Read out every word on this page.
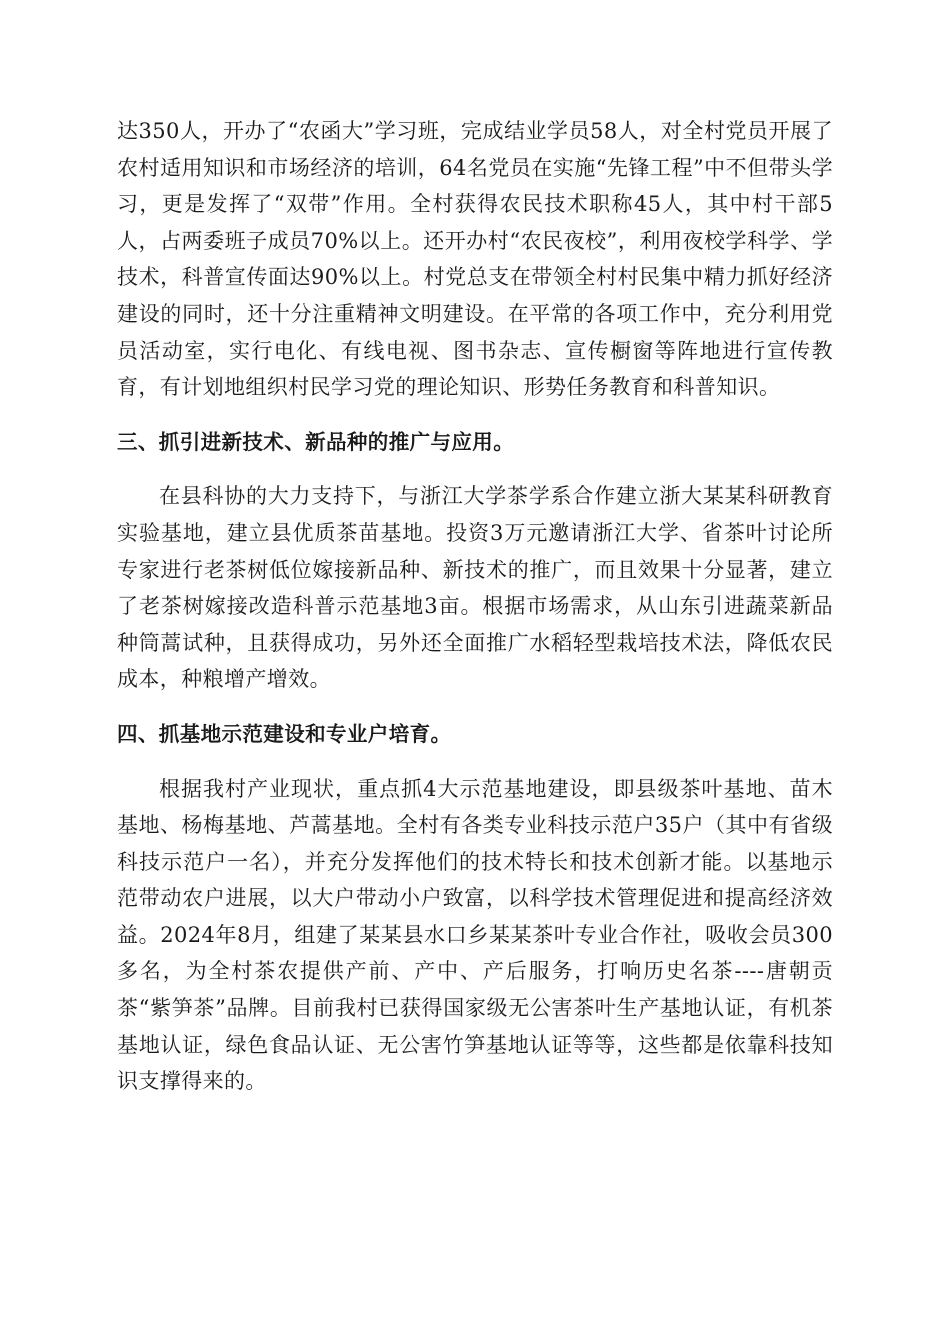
达350人，开办了“农函大”学习班，完成结业学员58人，对全村党员开展了农村适用知识和市场经济的培训，64名党员在实施“先锋工程”中不但带头学习，更是发挥了“双带”作用。全村获得农民技术职称45人，其中村干部5人，占两委班子成员70%以上。还开办村“农民夜校”，利用夜校学科学、学技术，科普宣传面达90%以上。村党总支在带领全村村民集中精力抓好经济建设的同时，还十分注重精神文明建设。在平常的各项工作中，充分利用党员活动室，实行电化、有线电视、图书杂志、宣传橱窗等阵地进行宣传教育，有计划地组织村民学习党的理论知识、形势任务教育和科普知识。

三、抓引进新技术、新品种的推广与应用。

在县科协的大力支持下，与浙江大学茶学系合作建立浙大某某科研教育实验基地，建立县优质茶苗基地。投资3万元邀请浙江大学、省茶叶讨论所专家进行老茶树低位嫁接新品种、新技术的推广，而且效果十分显著，建立了老茶树嫁接改造科普示范基地3亩。根据市场需求，从山东引进蔬菜新品种筒蒿试种，且获得成功，另外还全面推广水稻轻型栽培技术法，降低农民成本，种粮增产增效。

四、抓基地示范建设和专业户培育。

根据我村产业现状，重点抓4大示范基地建设，即县级茶叶基地、苗木基地、杨梅基地、芦蒿基地。全村有各类专业科技示范户35户（其中有省级科技示范户一名），并充分发挥他们的技术特长和技术创新才能。以基地示范带动农户进展，以大户带动小户致富，以科学技术管理促进和提高经济效益。2024年8月，组建了某某县水口乡某某茶叶专业合作社，吸收会员300多名，为全村茶农提供产前、产中、产后服务，打响历史名茶----唐朝贡茶“紫笋茶”品牌。目前我村已获得国家级无公害茶叶生产基地认证，有机茶基地认证，绿色食品认证、无公害竹笋基地认证等等，这些都是依靠科技知识支撑得来的。
